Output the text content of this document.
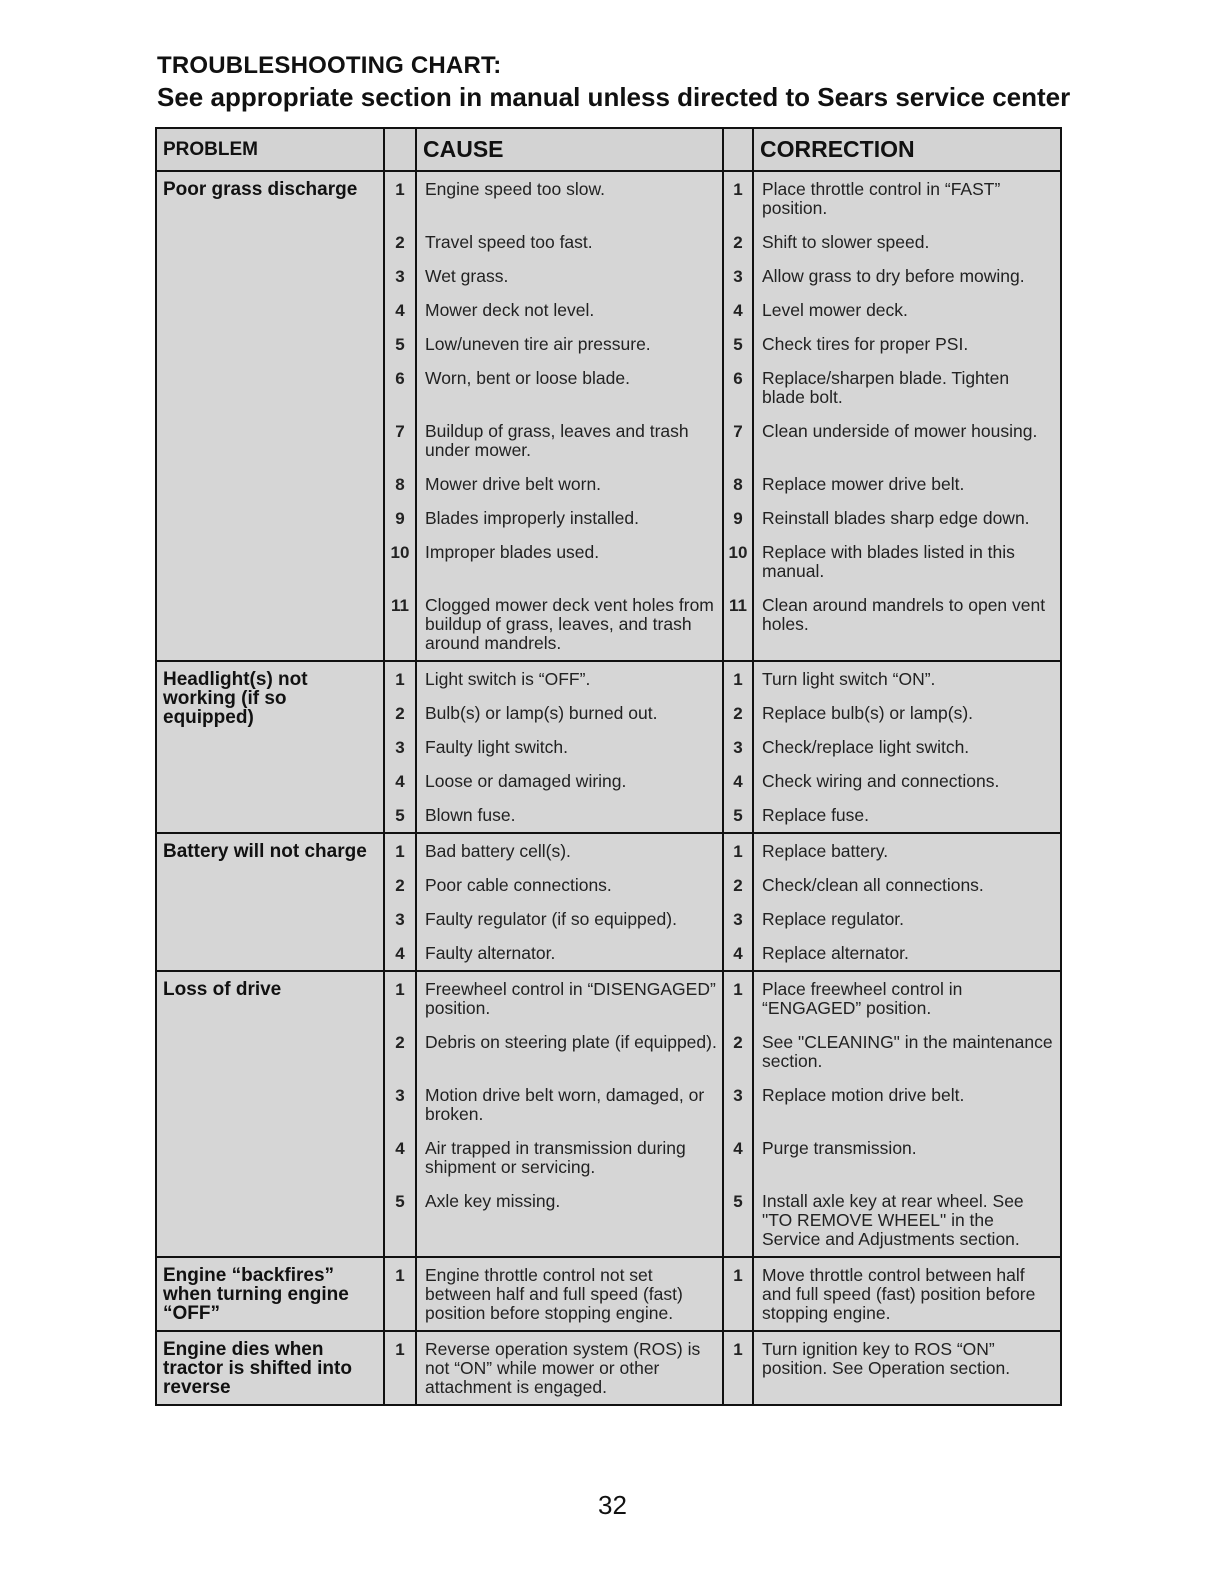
TROUBLESHOOTING CHART:
See appropriate section in manual unless directed to Sears service center
PROBLEM		CAUSE		CORRECTION
Poor grass discharge	1	Engine speed too slow.	1	Place throttle control in “FAST” position.
	2	Travel speed too fast.	2	Shift to slower speed.
	3	Wet grass.	3	Allow grass to dry before mowing.
	4	Mower deck not level.	4	Level mower deck.
	5	Low/uneven tire air pressure.	5	Check tires for proper PSI.
	6	Worn, bent or loose blade.	6	Replace/sharpen blade. Tighten blade bolt.
	7	Buildup of grass, leaves and trash under mower.	7	Clean underside of mower housing.
	8	Mower drive belt worn.	8	Replace mower drive belt.
	9	Blades improperly installed.	9	Reinstall blades sharp edge down.
	10	Improper blades used.	10	Replace with blades listed in this manual.
	11	Clogged mower deck vent holes from buildup of grass, leaves, and trash around mandrels.	11	Clean around mandrels to open vent holes.
Headlight(s) not working (if so equipped)	1	Light switch is “OFF”.	1	Turn light switch “ON”.
	2	Bulb(s) or lamp(s) burned out.	2	Replace bulb(s) or lamp(s).
	3	Faulty light switch.	3	Check/replace light switch.
	4	Loose or damaged wiring.	4	Check wiring and connections.
	5	Blown fuse.	5	Replace fuse.
Battery will not charge	1	Bad battery cell(s).	1	Replace battery.
	2	Poor cable connections.	2	Check/clean all connections.
	3	Faulty regulator (if so equipped).	3	Replace regulator.
	4	Faulty alternator.	4	Replace alternator.
Loss of drive	1	Freewheel control in “DISENGAGED” position.	1	Place freewheel control in “ENGAGED” position.
	2	Debris on steering plate (if equipped).	2	See "CLEANING" in the maintenance section.
	3	Motion drive belt worn, damaged, or broken.	3	Replace motion drive belt.
	4	Air trapped in transmission during shipment or servicing.	4	Purge transmission.
	5	Axle key missing.	5	Install axle key at rear wheel. See "TO REMOVE WHEEL" in the Service and Adjustments section.
Engine “backfires” when turning engine “OFF”	1	Engine throttle control not set between half and full speed (fast) position before stopping engine.	1	Move throttle control between half and full speed (fast) position before stopping engine.
Engine dies when tractor is shifted into reverse	1	Reverse operation system (ROS) is not “ON” while mower or other attachment is engaged.	1	Turn ignition key to ROS “ON” position. See Operation section.

32
